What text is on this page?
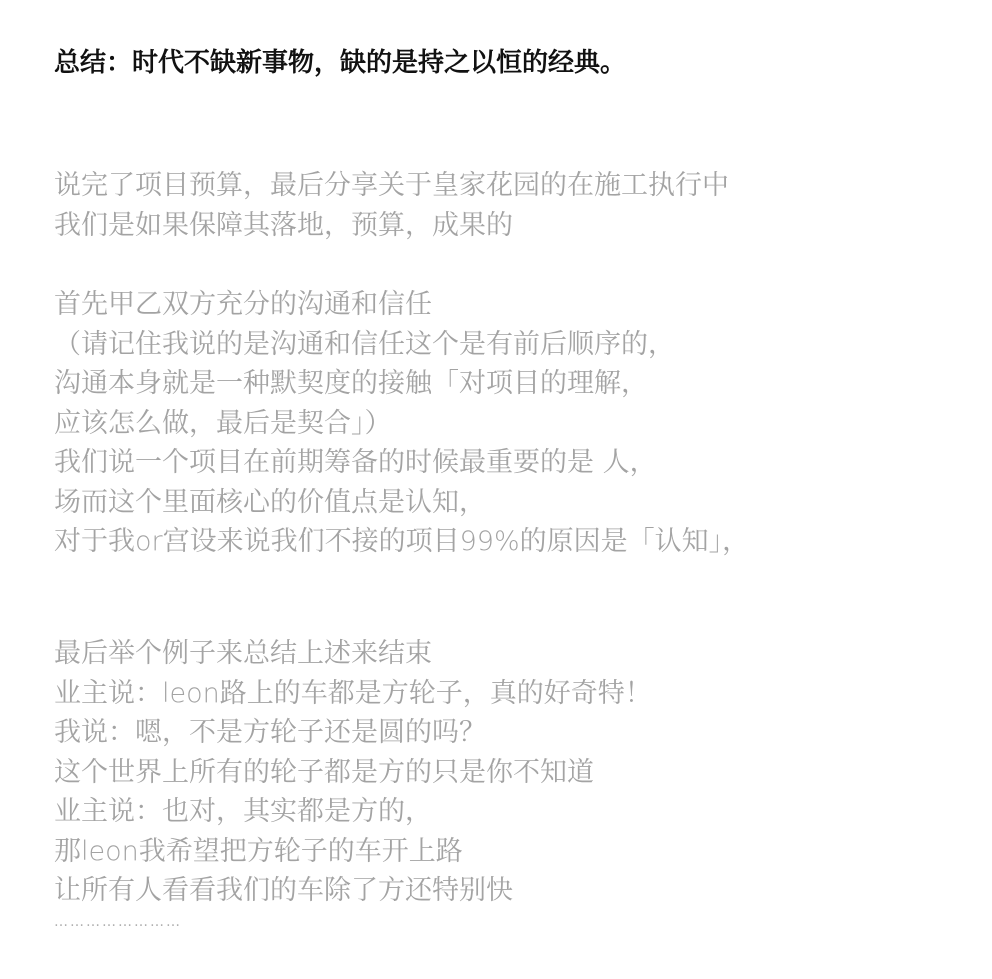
总结：时代不缺新事物，缺的是持之以恒的经典。
说完了项目预算，最后分享关于皇家花园的在施工执行中
我们是如果保障其落地，预算，成果的
首先甲乙双方充分的沟通和信任
（请记住我说的是沟通和信任这个是有前后顺序的，
沟通本身就是一种默契度的接触「对项目的理解，
应该怎么做，最后是契合」）
我们说一个项目在前期筹备的时候最重要的是 人，
场而这个里面核心的价值点是认知，
对于我or宫设来说我们不接的项目99%的原因是「认知」，
最后举个例子来总结上述来结束
业主说：leon路上的车都是方轮子，真的好奇特！
我说：嗯，不是方轮子还是圆的吗？
这个世界上所有的轮子都是方的只是你不知道
业主说：也对，其实都是方的，
那leon我希望把方轮子的车开上路
让所有人看看我们的车除了方还特别快
……………………
